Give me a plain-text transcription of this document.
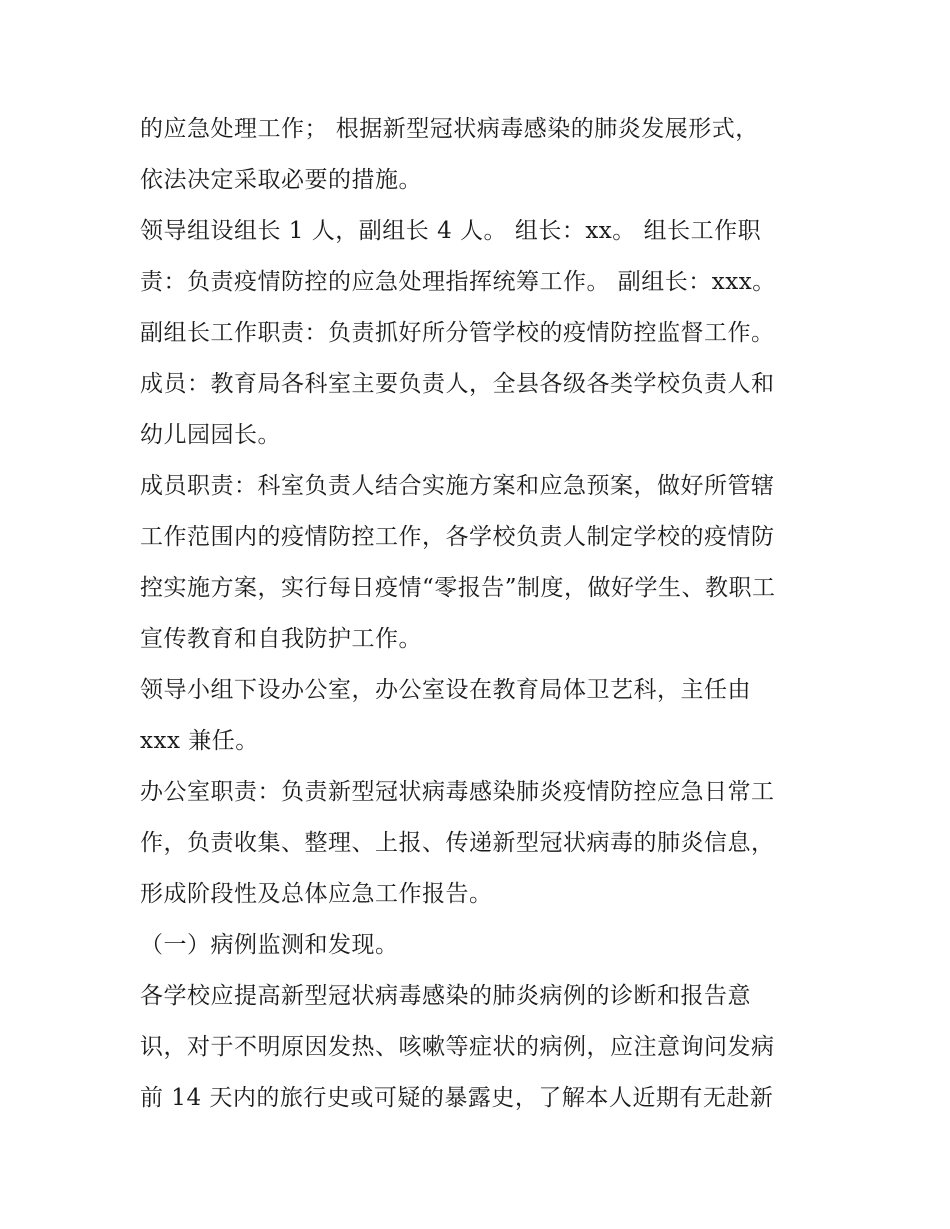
的应急处理工作； 根据新型冠状病毒感染的肺炎发展形式，
依法决定采取必要的措施。
领导组设组长 1 人，副组长 4 人。 组长：xx。 组长工作职
责：负责疫情防控的应急处理指挥统筹工作。 副组长：xxx。
副组长工作职责：负责抓好所分管学校的疫情防控监督工作。
成员：教育局各科室主要负责人，全县各级各类学校负责人和
幼儿园园长。
成员职责：科室负责人结合实施方案和应急预案，做好所管辖
工作范围内的疫情防控工作，各学校负责人制定学校的疫情防
控实施方案，实行每日疫情“零报告”制度，做好学生、教职工
宣传教育和自我防护工作。
领导小组下设办公室，办公室设在教育局体卫艺科，主任由
xxx 兼任。
办公室职责：负责新型冠状病毒感染肺炎疫情防控应急日常工
作，负责收集、整理、上报、传递新型冠状病毒的肺炎信息，
形成阶段性及总体应急工作报告。
（一）病例监测和发现。
各学校应提高新型冠状病毒感染的肺炎病例的诊断和报告意
识，对于不明原因发热、咳嗽等症状的病例，应注意询问发病
前 14 天内的旅行史或可疑的暴露史，了解本人近期有无赴新
